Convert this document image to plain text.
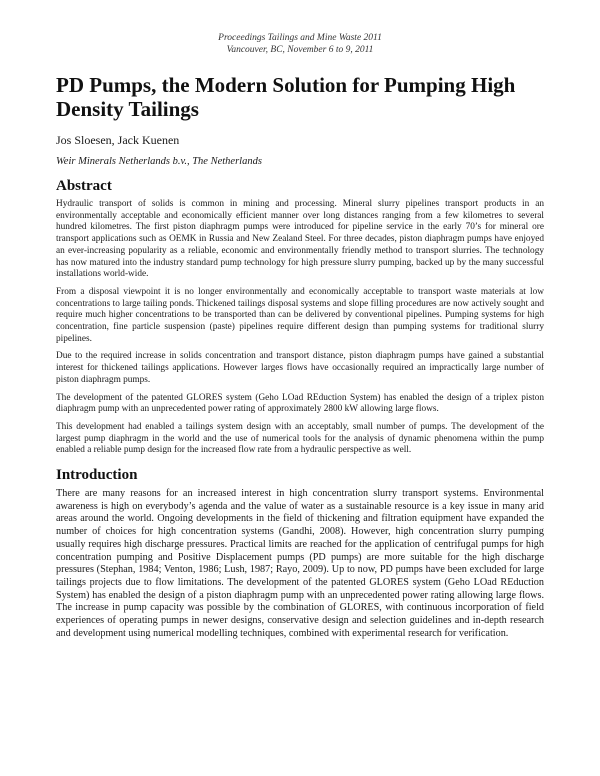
Proceedings Tailings and Mine Waste 2011
Vancouver, BC, November 6 to 9, 2011
PD Pumps, the Modern Solution for Pumping High Density Tailings
Jos Sloesen, Jack Kuenen
Weir Minerals Netherlands b.v., The Netherlands
Abstract

Hydraulic transport of solids is common in mining and processing. Mineral slurry pipelines transport products in an environmentally acceptable and economically efficient manner over long distances ranging from a few kilometres to several hundred kilometres. The first piston diaphragm pumps were introduced for pipeline service in the early 70’s for mineral ore transport applications such as OEMK in Russia and New Zealand Steel. For three decades, piston diaphragm pumps have enjoyed an ever-increasing popularity as a reliable, economic and environmentally friendly method to transport slurries. The technology has now matured into the industry standard pump technology for high pressure slurry pumping, backed up by the many successful installations world-wide.

From a disposal viewpoint it is no longer environmentally and economically acceptable to transport waste materials at low concentrations to large tailing ponds. Thickened tailings disposal systems and slope filling procedures are now actively sought and require much higher concentrations to be transported than can be delivered by conventional pipelines. Pumping systems for high concentration, fine particle suspension (paste) pipelines require different design than pumping systems for traditional slurry pipelines.

Due to the required increase in solids concentration and transport distance, piston diaphragm pumps have gained a substantial interest for thickened tailings applications. However larges flows have occasionally required an impractically large number of piston diaphragm pumps.

The development of the patented GLORES system (Geho LOad REduction System) has enabled the design of a triplex piston diaphragm pump with an unprecedented power rating of approximately 2800 kW allowing large flows.

This development had enabled a tailings system design with an acceptably, small number of pumps. The development of the largest pump diaphragm in the world and the use of numerical tools for the analysis of dynamic phenomena within the pump enabled a reliable pump design for the increased flow rate from a hydraulic perspective as well.

Introduction

There are many reasons for an increased interest in high concentration slurry transport systems. Environmental awareness is high on everybody’s agenda and the value of water as a sustainable resource is a key issue in many arid areas around the world. Ongoing developments in the field of thickening and filtration equipment have expanded the number of choices for high concentration systems (Gandhi, 2008). However, high concentration slurry pumping usually requires high discharge pressures. Practical limits are reached for the application of centrifugal pumps for high concentration pumping and Positive Displacement pumps (PD pumps) are more suitable for the high discharge pressures (Stephan, 1984; Venton, 1986; Lush, 1987; Rayo, 2009). Up to now, PD pumps have been excluded for large tailings projects due to flow limitations. The development of the patented GLORES system (Geho LOad REduction System) has enabled the design of a piston diaphragm pump with an unprecedented power rating allowing large flows. The increase in pump capacity was possible by the combination of GLORES, with continuous incorporation of field experiences of operating pumps in newer designs, conservative design and selection guidelines and in-depth research and development using numerical modelling techniques, combined with experimental research for verification.
